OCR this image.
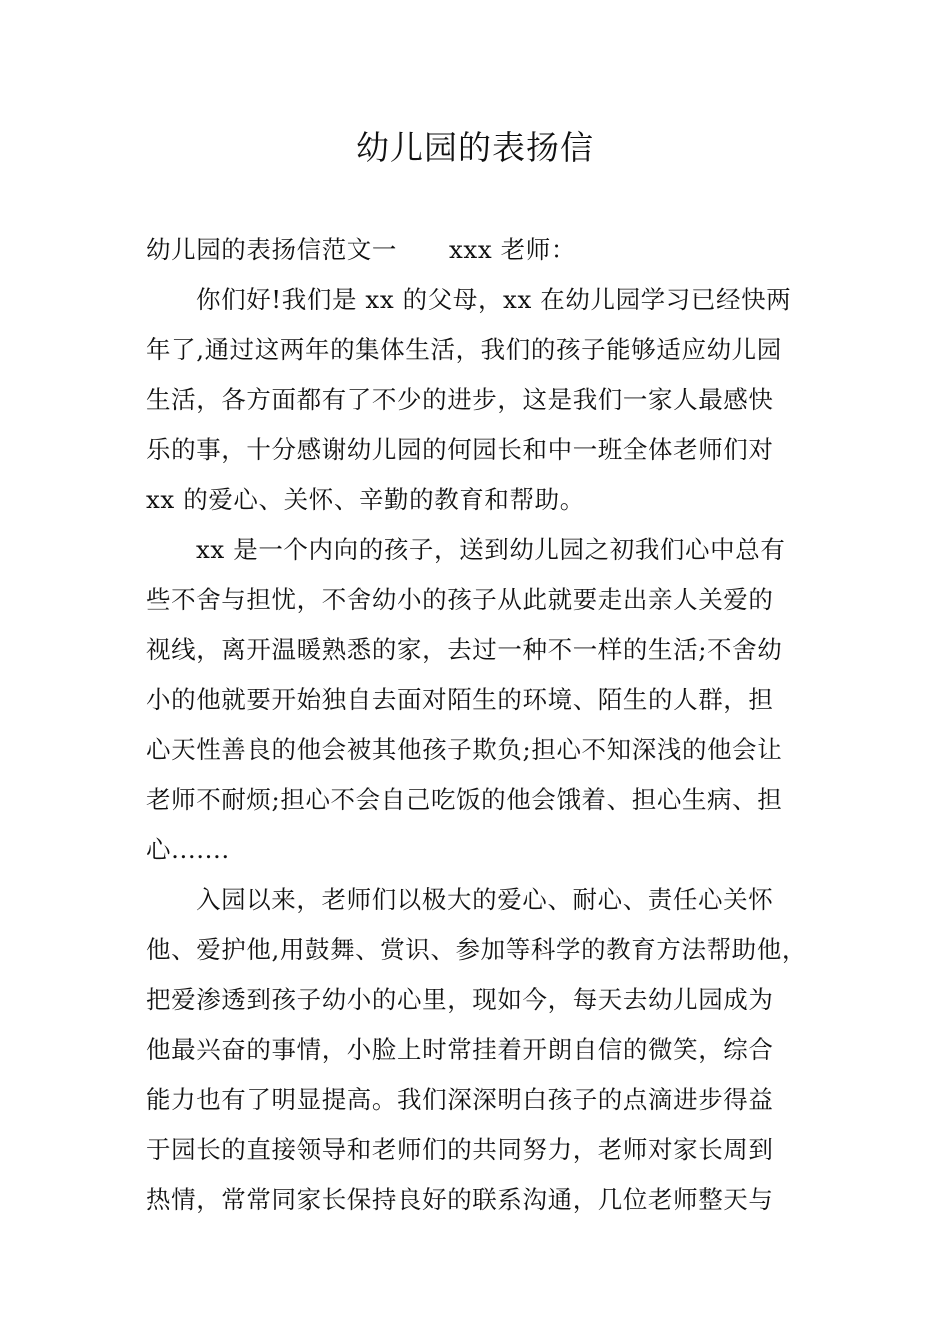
幼儿园的表扬信
幼儿园的表扬信范文一 xxx 老师：
你们好!我们是 xx 的父母，xx 在幼儿园学习已经快两
年了,通过这两年的集体生活，我们的孩子能够适应幼儿园
生活，各方面都有了不少的进步，这是我们一家人最感快
乐的事，十分感谢幼儿园的何园长和中一班全体老师们对
xx 的爱心、关怀、辛勤的教育和帮助。
xx 是一个内向的孩子，送到幼儿园之初我们心中总有
些不舍与担忧，不舍幼小的孩子从此就要走出亲人关爱的
视线，离开温暖熟悉的家，去过一种不一样的生活;不舍幼
小的他就要开始独自去面对陌生的环境、陌生的人群，担
心天性善良的他会被其他孩子欺负;担心不知深浅的他会让
老师不耐烦;担心不会自己吃饭的他会饿着、担心生病、担
心.......
入园以来，老师们以极大的爱心、耐心、责任心关怀
他、爱护他,用鼓舞、赏识、参加等科学的教育方法帮助他，
把爱渗透到孩子幼小的心里，现如今，每天去幼儿园成为
他最兴奋的事情，小脸上时常挂着开朗自信的微笑，综合
能力也有了明显提高。我们深深明白孩子的点滴进步得益
于园长的直接领导和老师们的共同努力，老师对家长周到
热情，常常同家长保持良好的联系沟通，几位老师整天与
